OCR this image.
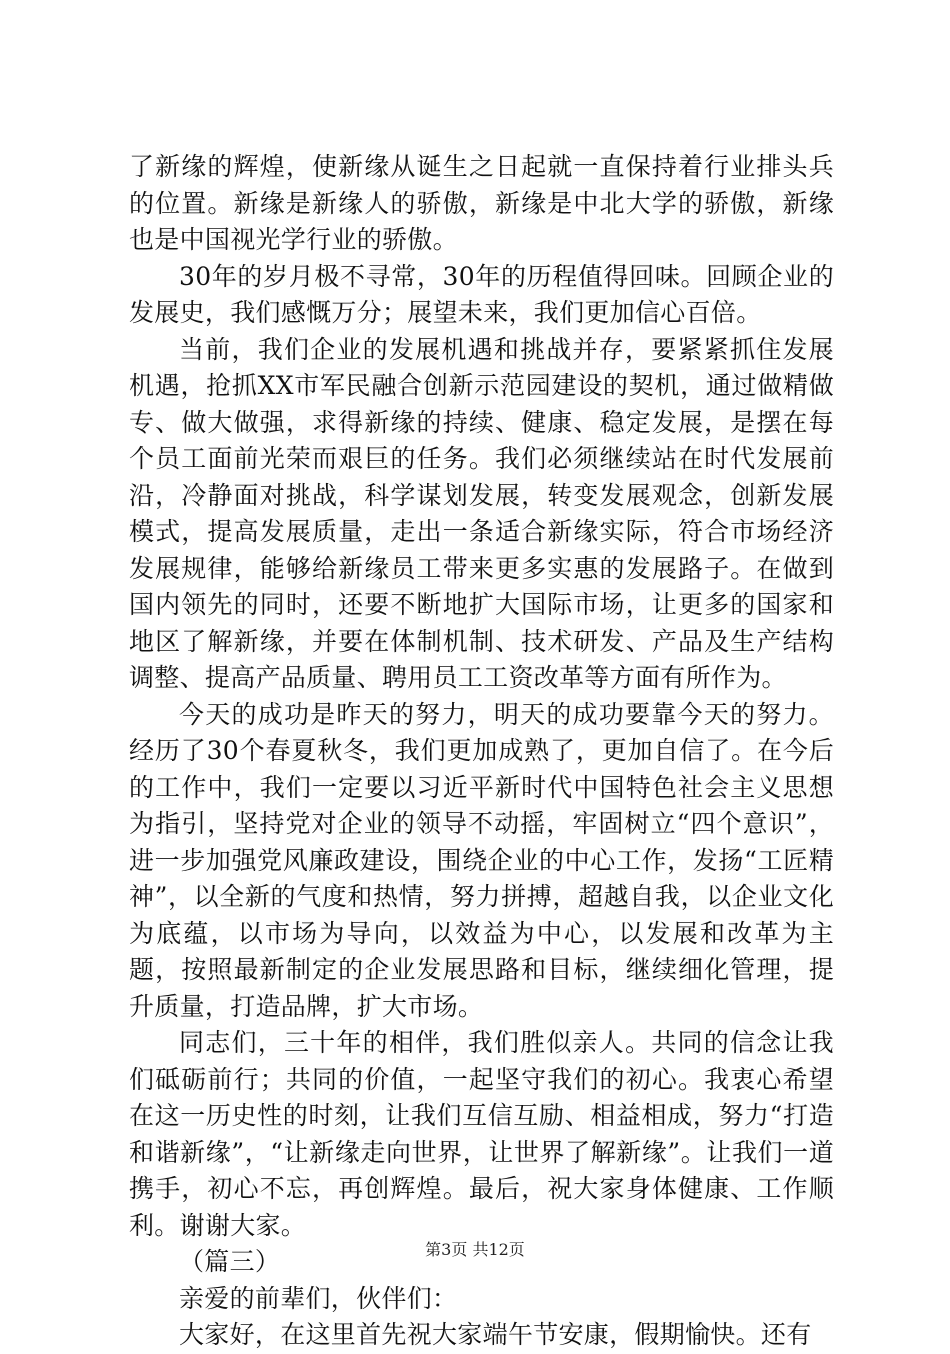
了新缘的辉煌，使新缘从诞生之日起就一直保持着行业排头兵的位置。新缘是新缘人的骄傲，新缘是中北大学的骄傲，新缘也是中国视光学行业的骄傲。

30年的岁月极不寻常，30年的历程值得回味。回顾企业的发展史，我们感慨万分；展望未来，我们更加信心百倍。

当前，我们企业的发展机遇和挑战并存，要紧紧抓住发展机遇，抢抓XX市军民融合创新示范园建设的契机，通过做精做专、做大做强，求得新缘的持续、健康、稳定发展，是摆在每个员工面前光荣而艰巨的任务。我们必须继续站在时代发展前沿，冷静面对挑战，科学谋划发展，转变发展观念，创新发展模式，提高发展质量，走出一条适合新缘实际，符合市场经济发展规律，能够给新缘员工带来更多实惠的发展路子。在做到国内领先的同时，还要不断地扩大国际市场，让更多的国家和地区了解新缘，并要在体制机制、技术研发、产品及生产结构调整、提高产品质量、聘用员工工资改革等方面有所作为。

今天的成功是昨天的努力，明天的成功要靠今天的努力。经历了30个春夏秋冬，我们更加成熟了，更加自信了。在今后的工作中，我们一定要以习近平新时代中国特色社会主义思想为指引，坚持党对企业的领导不动摇，牢固树立“四个意识”，进一步加强党风廉政建设，围绕企业的中心工作，发扬“工匠精神”，以全新的气度和热情，努力拼搏，超越自我，以企业文化为底蕴，以市场为导向，以效益为中心，以发展和改革为主题，按照最新制定的企业发展思路和目标，继续细化管理，提升质量，打造品牌，扩大市场。

同志们，三十年的相伴，我们胜似亲人。共同的信念让我们砥砺前行；共同的价值，一起坚守我们的初心。我衷心希望在这一历史性的时刻，让我们互信互励、相益相成，努力“打造和谐新缘”，“让新缘走向世界，让世界了解新缘”。让我们一道携手，初心不忘，再创辉煌。最后，祝大家身体健康、工作顺利。谢谢大家。

（篇三）

亲爱的前辈们，伙伴们：

大家好，在这里首先祝大家端午节安康，假期愉快。还有

第3页 共12页
